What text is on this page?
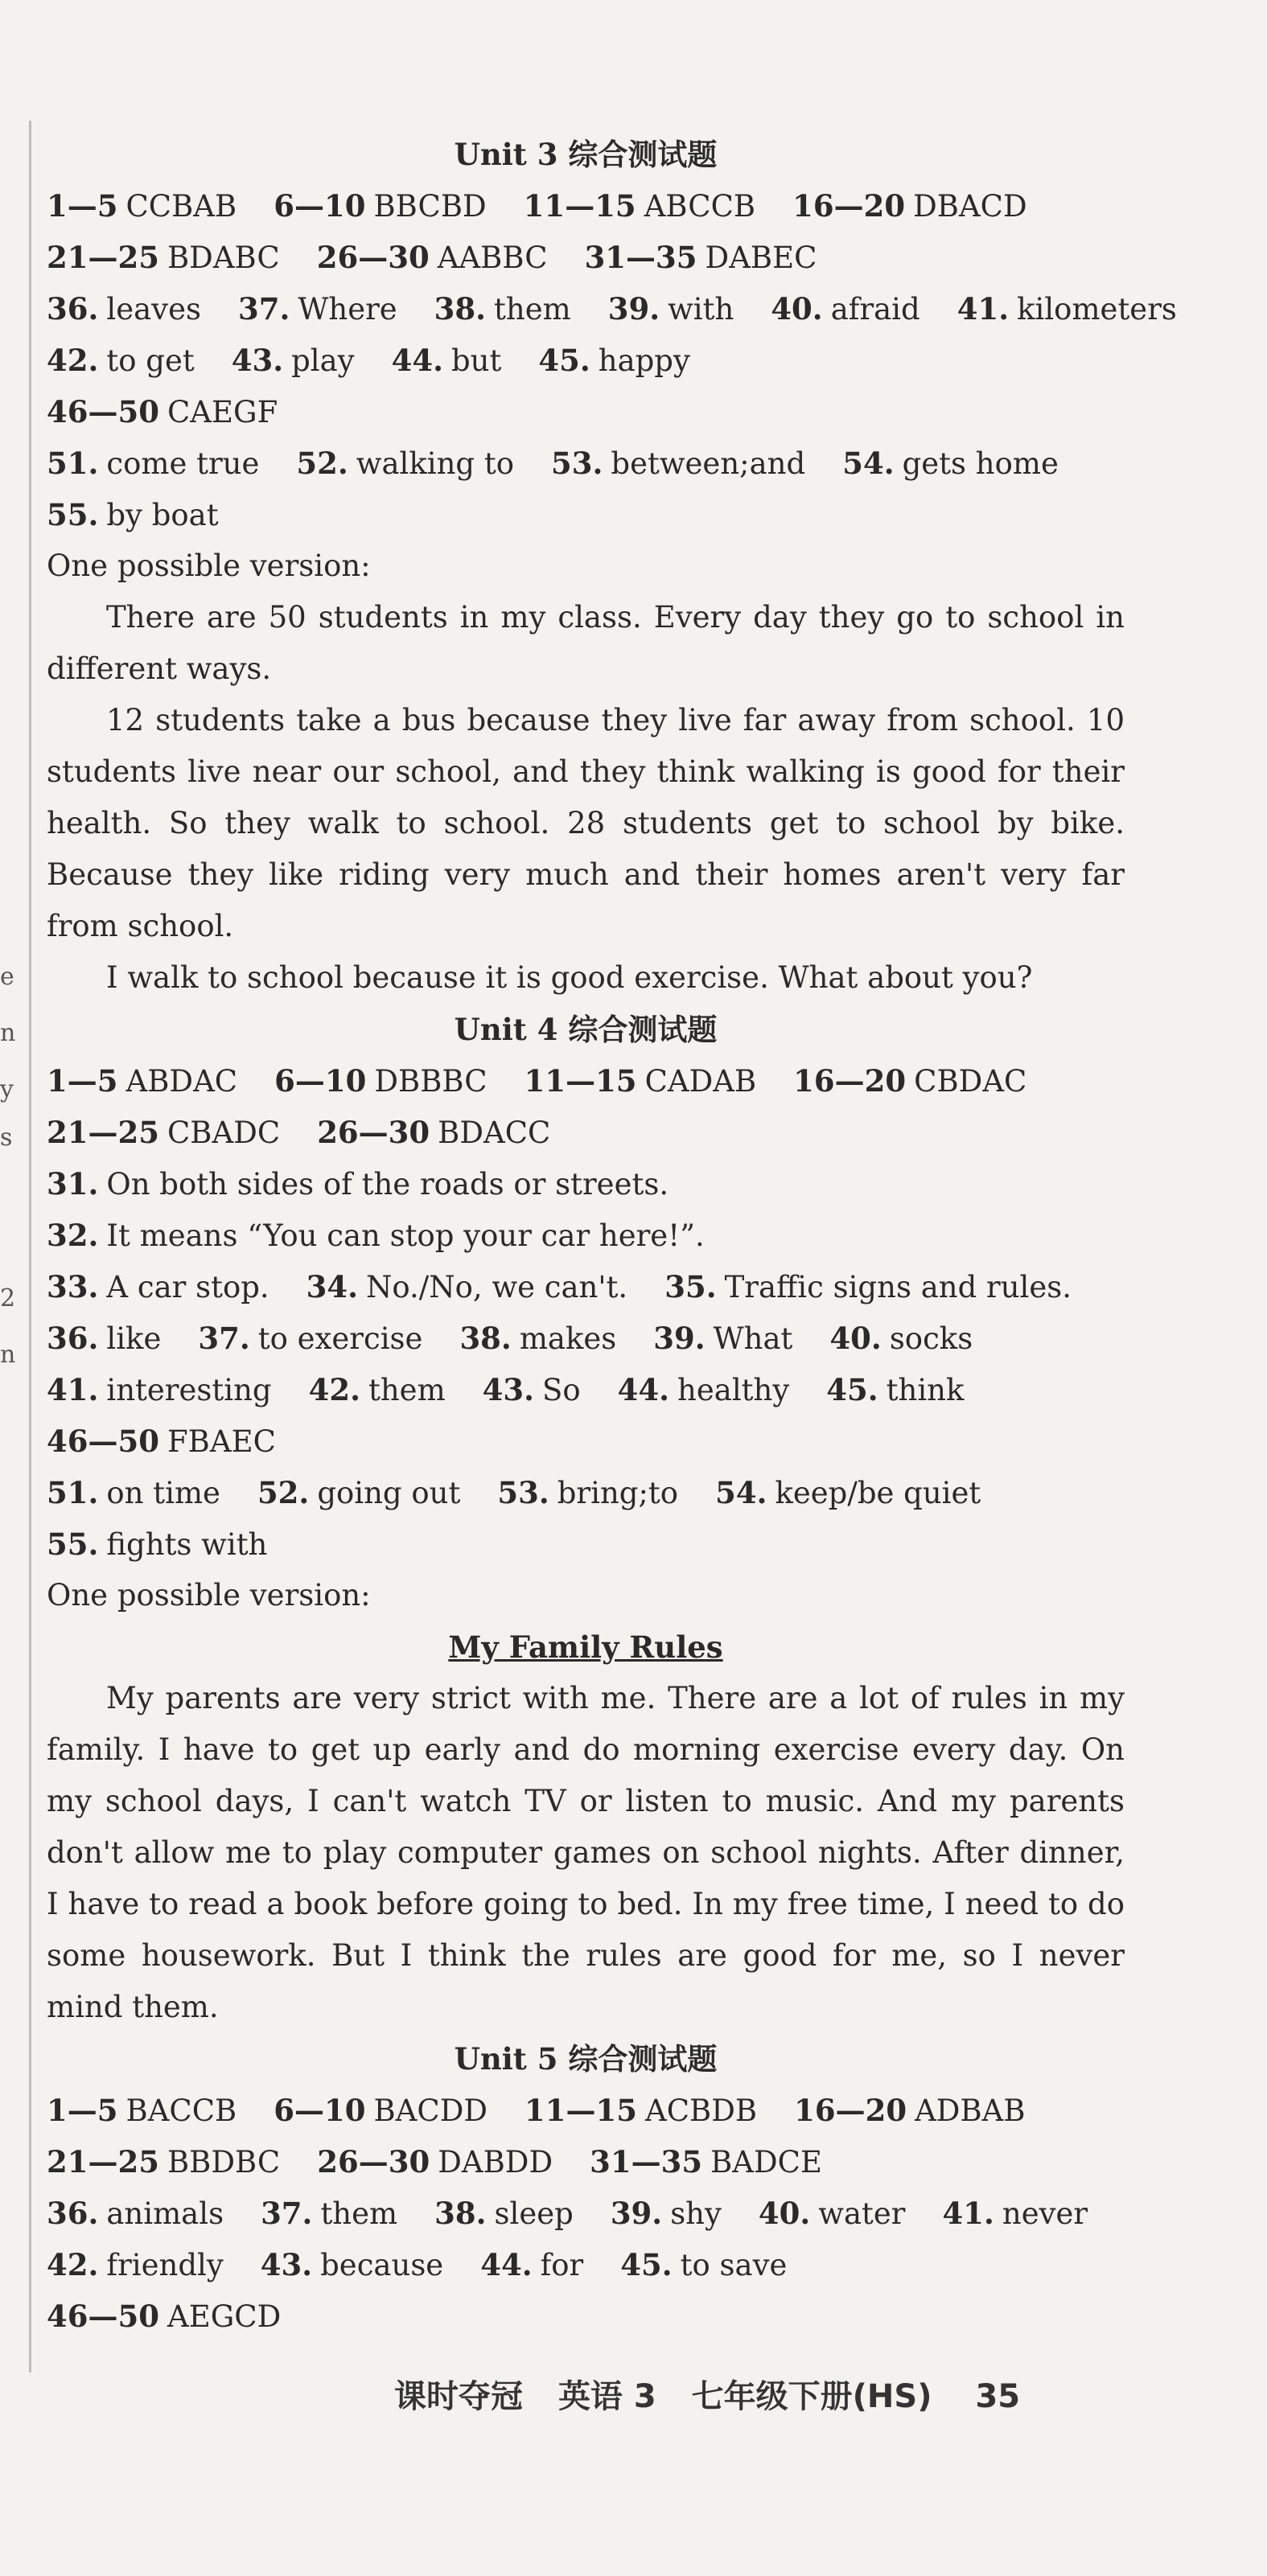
e
n
y
s
2
n
Unit 3 综合测试题
1—5 CCBAB 6—10 BBCBD 11—15 ABCCB 16—20 DBACD
21—25 BDABC 26—30 AABBC 31—35 DABEC
36. leaves 37. Where 38. them 39. with 40. afraid 41. kilometers
42. to get 43. play 44. but 45. happy
46—50 CAEGF
51. come true 52. walking to 53. between;and 54. gets home
55. by boat
One possible version:

There are 50 students in my class. Every day they go to school in different ways.

12 students take a bus because they live far away from school. 10 students live near our school, and they think walking is good for their health. So they walk to school. 28 students get to school by bike. Because they like riding very much and their homes aren't very far from school.

I walk to school because it is good exercise. What about you?

Unit 4 综合测试题
1—5 ABDAC 6—10 DBBBC 11—15 CADAB 16—20 CBDAC
21—25 CBADC 26—30 BDACC
31. On both sides of the roads or streets.
32. It means “You can stop your car here!”.
33. A car stop. 34. No./No, we can't. 35. Traffic signs and rules.
36. like 37. to exercise 38. makes 39. What 40. socks
41. interesting 42. them 43. So 44. healthy 45. think
46—50 FBAEC
51. on time 52. going out 53. bring;to 54. keep/be quiet
55. fights with
One possible version:
My Family Rules

My parents are very strict with me. There are a lot of rules in my family. I have to get up early and do morning exercise every day. On my school days, I can't watch TV or listen to music. And my parents don't allow me to play computer games on school nights. After dinner, I have to read a book before going to bed. In my free time, I need to do some housework. But I think the rules are good for me, so I never mind them.

Unit 5 综合测试题
1—5 BACCB 6—10 BACDD 11—15 ACBDB 16—20 ADBAB
21—25 BBDBC 26—30 DABDD 31—35 BADCE
36. animals 37. them 38. sleep 39. shy 40. water 41. never
42. friendly 43. because 44. for 45. to save
46—50 AEGCD
课时夺冠 英语 3 七年级下册(HS) 35
